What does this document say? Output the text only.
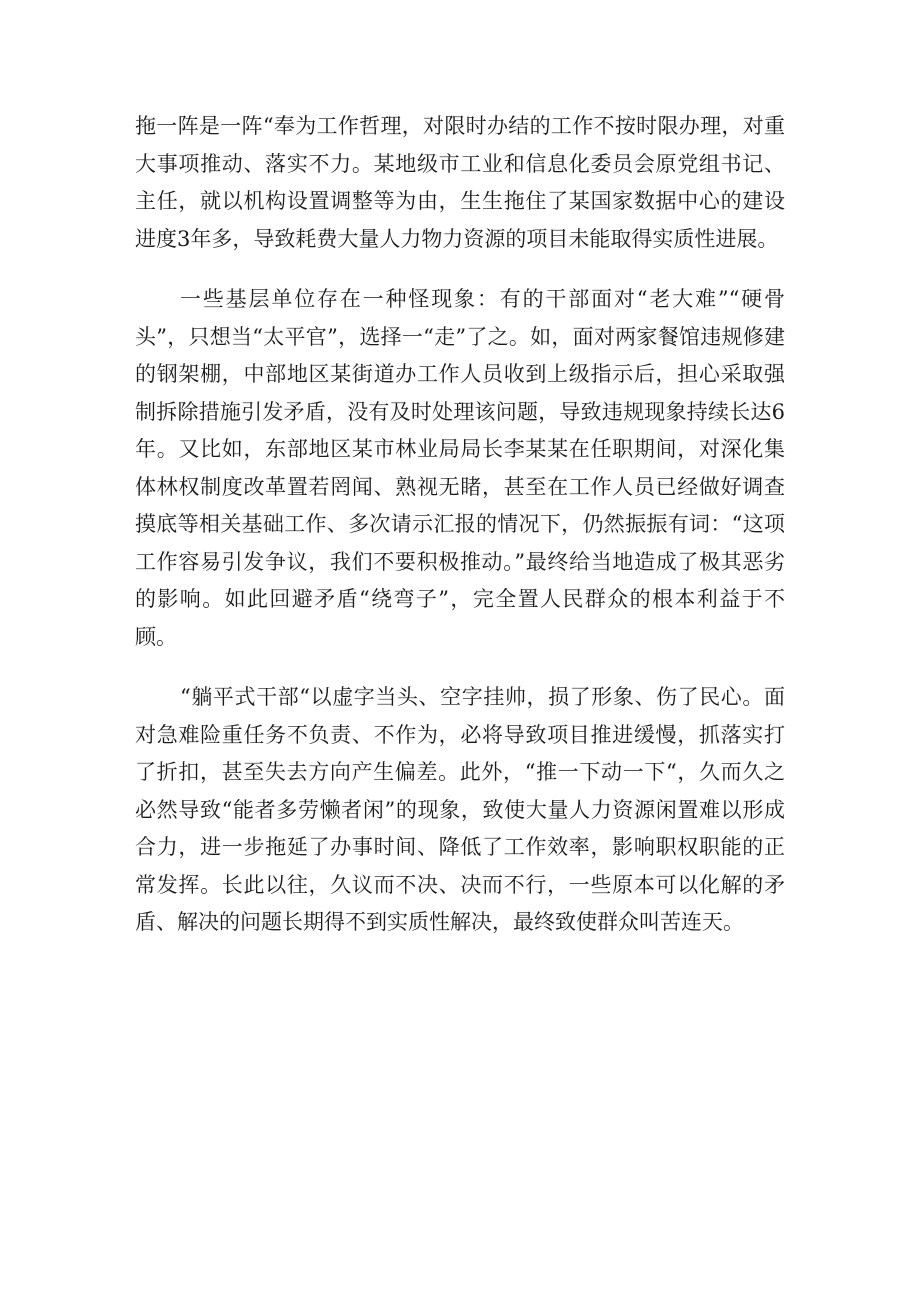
拖一阵是一阵“奉为工作哲理，对限时办结的工作不按时限办理，对重大事项推动、落实不力。某地级市工业和信息化委员会原党组书记、主任，就以机构设置调整等为由，生生拖住了某国家数据中心的建设进度3年多，导致耗费大量人力物力资源的项目未能取得实质性进展。

一些基层单位存在一种怪现象：有的干部面对“老大难”“硬骨头”，只想当“太平官”，选择一“走”了之。如，面对两家餐馆违规修建的钢架棚，中部地区某街道办工作人员收到上级指示后，担心采取强制拆除措施引发矛盾，没有及时处理该问题，导致违规现象持续长达6年。又比如，东部地区某市林业局局长李某某在任职期间，对深化集体林权制度改革置若罔闻、熟视无睹，甚至在工作人员已经做好调查摸底等相关基础工作、多次请示汇报的情况下，仍然振振有词：“这项工作容易引发争议，我们不要积极推动。”最终给当地造成了极其恶劣的影响。如此回避矛盾“绕弯子”，完全置人民群众的根本利益于不顾。

“躺平式干部“以虚字当头、空字挂帅，损了形象、伤了民心。面对急难险重任务不负责、不作为，必将导致项目推进缓慢，抓落实打了折扣，甚至失去方向产生偏差。此外，“推一下动一下“，久而久之必然导致“能者多劳懒者闲”的现象，致使大量人力资源闲置难以形成合力，进一步拖延了办事时间、降低了工作效率，影响职权职能的正常发挥。长此以往，久议而不决、决而不行，一些原本可以化解的矛盾、解决的问题长期得不到实质性解决，最终致使群众叫苦连天。
